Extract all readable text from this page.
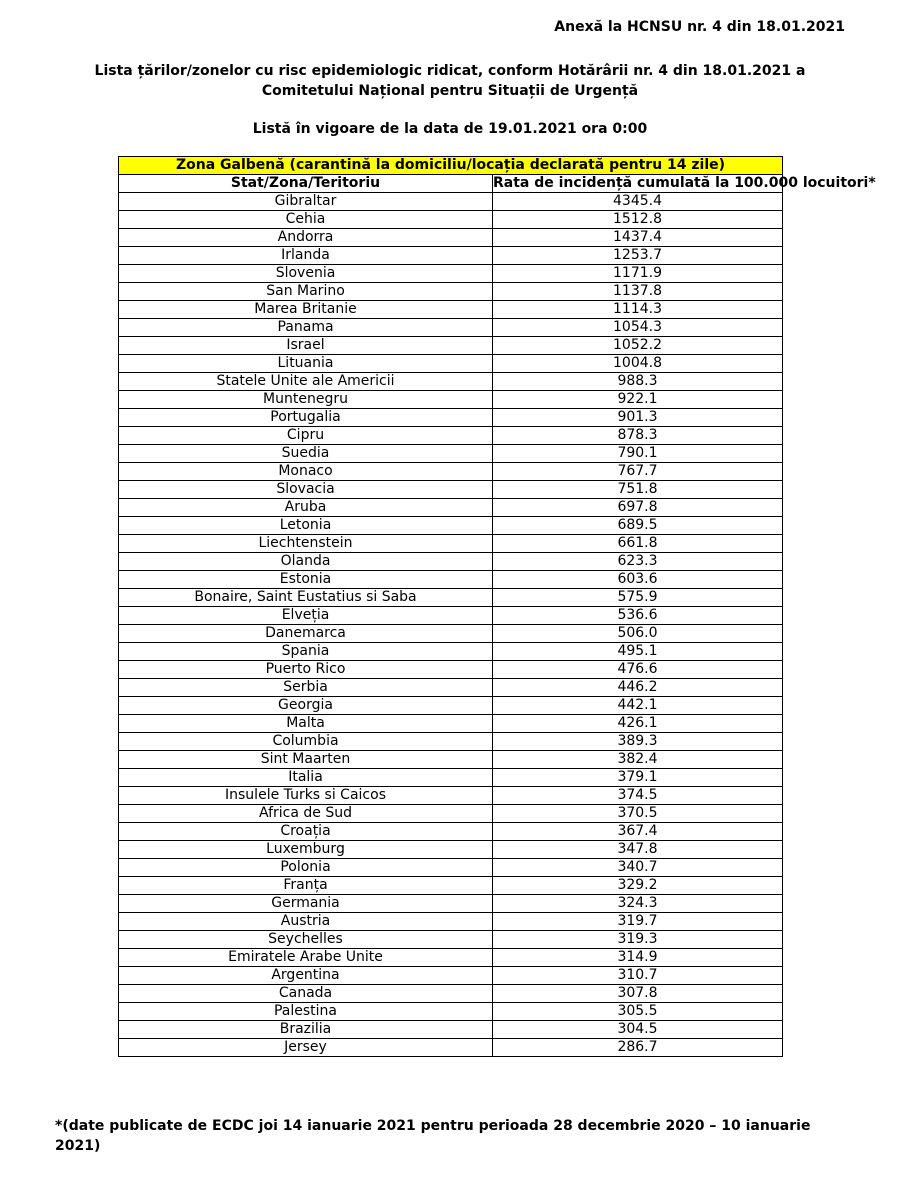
Anexă la HCNSU nr. 4 din 18.01.2021
Lista țărilor/zonelor cu risc epidemiologic ridicat, conform Hotărârii nr. 4 din 18.01.2021 a
Comitetului Național pentru Situații de Urgență
Listă în vigoare de la data de 19.01.2021 ora 0:00
Zona Galbenă (carantină la domiciliu/locația declarată pentru 14 zile)	
Stat/Zona/Teritoriu	Rata de incidență cumulată la 100.000 locuitori*
Gibraltar	4345.4
Cehia	1512.8
Andorra	1437.4
Irlanda	1253.7
Slovenia	1171.9
San Marino	1137.8
Marea Britanie	1114.3
Panama	1054.3
Israel	1052.2
Lituania	1004.8
Statele Unite ale Americii	988.3
Muntenegru	922.1
Portugalia	901.3
Cipru	878.3
Suedia	790.1
Monaco	767.7
Slovacia	751.8
Aruba	697.8
Letonia	689.5
Liechtenstein	661.8
Olanda	623.3
Estonia	603.6
Bonaire, Saint Eustatius si Saba	575.9
Elveția	536.6
Danemarca	506.0
Spania	495.1
Puerto Rico	476.6
Serbia	446.2
Georgia	442.1
Malta	426.1
Columbia	389.3
Sint Maarten	382.4
Italia	379.1
Insulele Turks si Caicos	374.5
Africa de Sud	370.5
Croația	367.4
Luxemburg	347.8
Polonia	340.7
Franța	329.2
Germania	324.3
Austria	319.7
Seychelles	319.3
Emiratele Arabe Unite	314.9
Argentina	310.7
Canada	307.8
Palestina	305.5
Brazilia	304.5
Jersey	286.7
*(date publicate de ECDC joi 14 ianuarie 2021 pentru perioada 28 decembrie 2020 – 10 ianuarie 2021)
